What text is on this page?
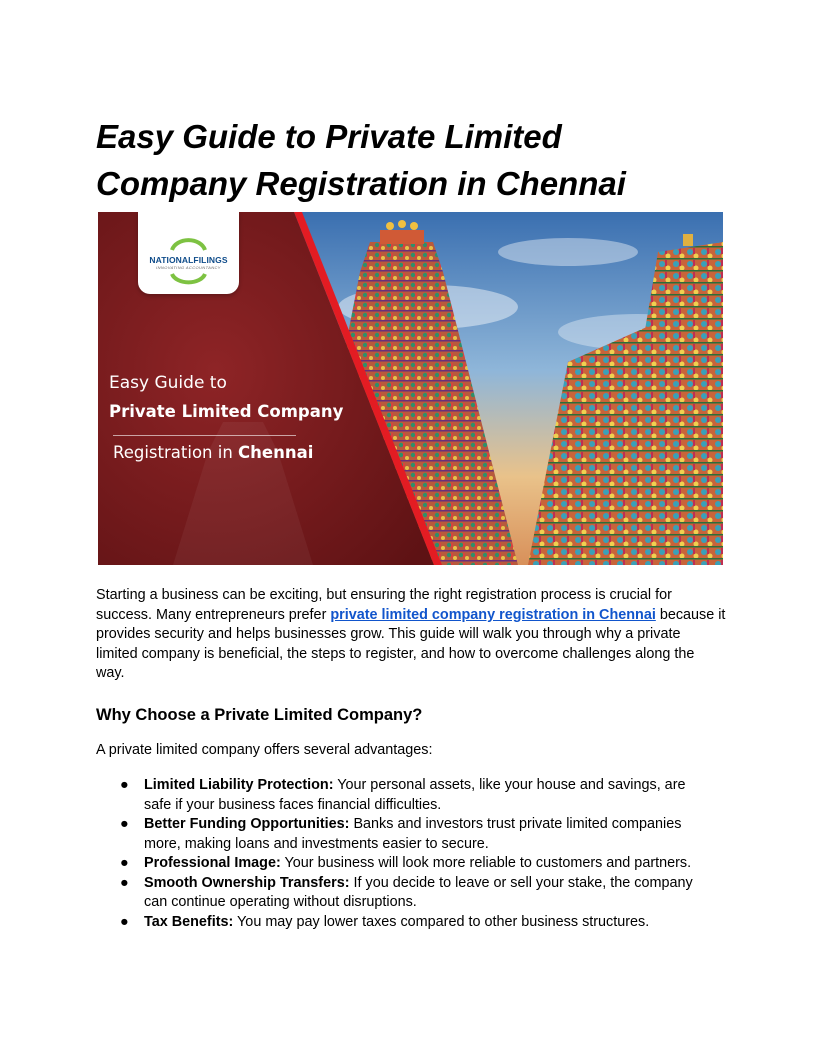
Easy Guide to Private Limited
Company Registration in Chennai
NATIONALFILINGS
INNOVATING ACCOUNTANCY
Easy Guide to
Private Limited Company
Registration in Chennai

Starting a business can be exciting, but ensuring the right registration process is crucial for success. Many entrepreneurs prefer private limited company registration in Chennai because it provides security and helps businesses grow. This guide will walk you through why a private limited company is beneficial, the steps to register, and how to overcome challenges along the way.

Why Choose a Private Limited Company?

A private limited company offers several advantages:

● Limited Liability Protection: Your personal assets, like your house and savings, are safe if your business faces financial difficulties.
● Better Funding Opportunities: Banks and investors trust private limited companies more, making loans and investments easier to secure.
● Professional Image: Your business will look more reliable to customers and partners.
● Smooth Ownership Transfers: If you decide to leave or sell your stake, the company can continue operating without disruptions.
● Tax Benefits: You may pay lower taxes compared to other business structures.
